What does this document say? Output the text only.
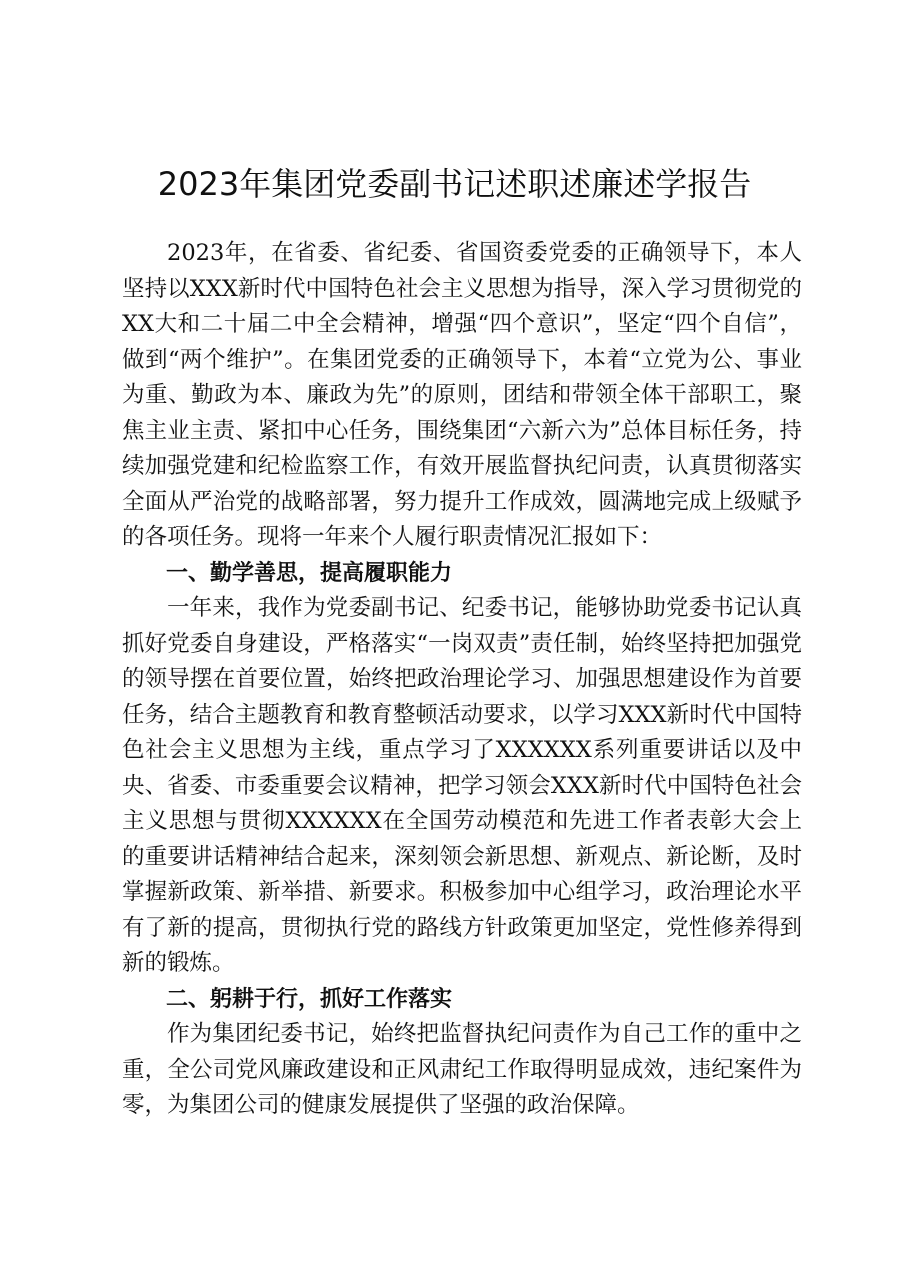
2023年集团党委副书记述职述廉述学报告

2023年，在省委、省纪委、省国资委党委的正确领导下，本人坚持以XXX新时代中国特色社会主义思想为指导，深入学习贯彻党的XX大和二十届二中全会精神，增强“四个意识”，坚定“四个自信”，做到“两个维护”。在集团党委的正确领导下，本着“立党为公、事业为重、勤政为本、廉政为先”的原则，团结和带领全体干部职工，聚焦主业主责、紧扣中心任务，围绕集团“六新六为”总体目标任务，持续加强党建和纪检监察工作，有效开展监督执纪问责，认真贯彻落实全面从严治党的战略部署，努力提升工作成效，圆满地完成上级赋予的各项任务。现将一年来个人履行职责情况汇报如下：

一、勤学善思，提高履职能力

一年来，我作为党委副书记、纪委书记，能够协助党委书记认真抓好党委自身建设，严格落实“一岗双责”责任制，始终坚持把加强党的领导摆在首要位置，始终把政治理论学习、加强思想建设作为首要任务，结合主题教育和教育整顿活动要求，以学习XXX新时代中国特色社会主义思想为主线，重点学习了XXXXXX系列重要讲话以及中央、省委、市委重要会议精神，把学习领会XXX新时代中国特色社会主义思想与贯彻XXXXXX在全国劳动模范和先进工作者表彰大会上的重要讲话精神结合起来，深刻领会新思想、新观点、新论断，及时掌握新政策、新举措、新要求。积极参加中心组学习，政治理论水平有了新的提高，贯彻执行党的路线方针政策更加坚定，党性修养得到新的锻炼。

二、躬耕于行，抓好工作落实

作为集团纪委书记，始终把监督执纪问责作为自己工作的重中之重，全公司党风廉政建设和正风肃纪工作取得明显成效，违纪案件为零，为集团公司的健康发展提供了坚强的政治保障。
